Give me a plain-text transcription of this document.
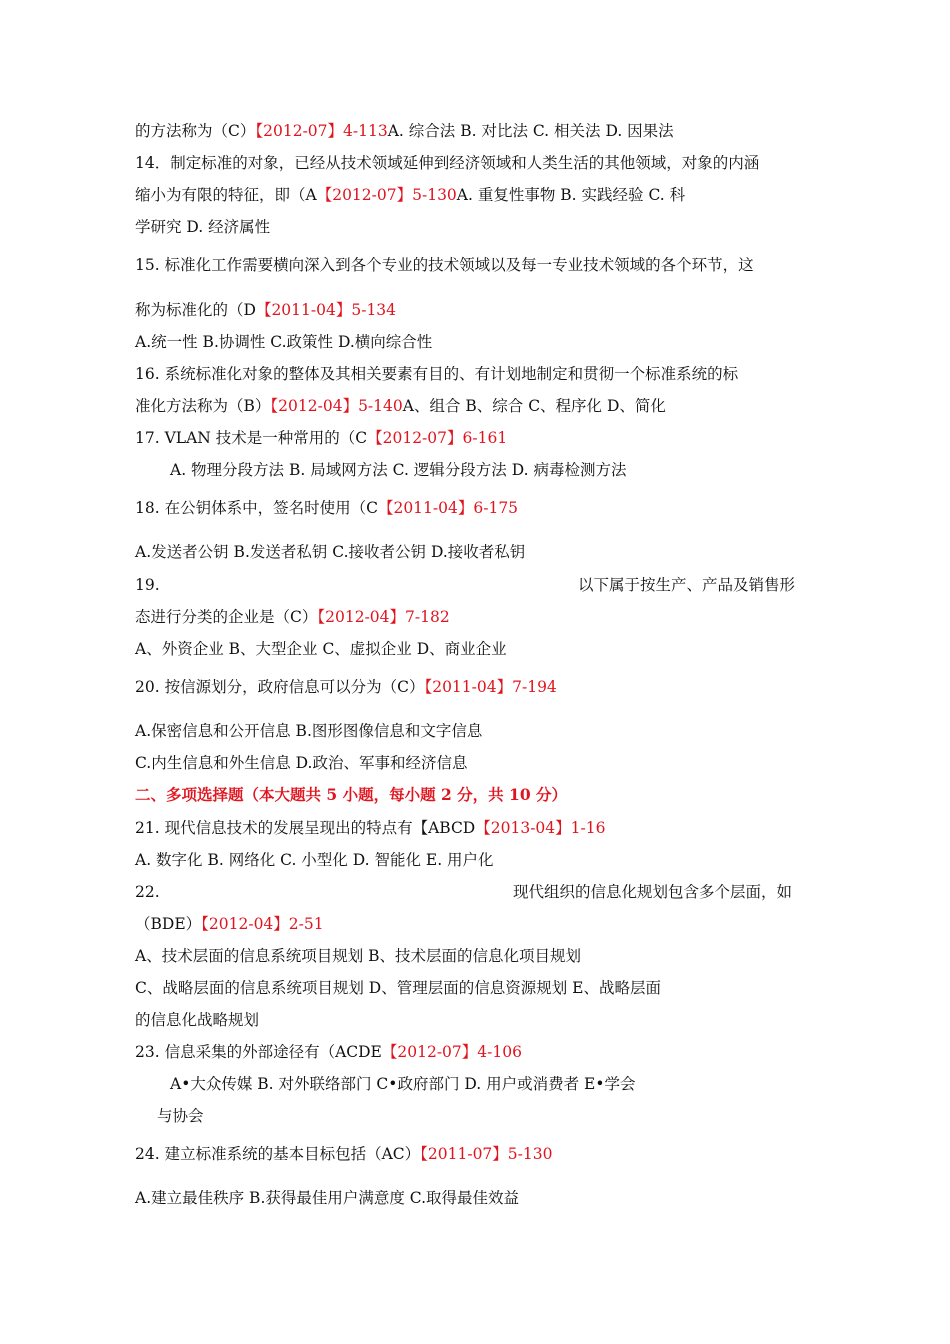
的方法称为（C）【2012-07】4-113A. 综合法 B. 对比法 C. 相关法 D. 因果法
14．制定标准的对象，已经从技术领域延伸到经济领域和人类生活的其他领域，对象的内涵
缩小为有限的特征，即（A【2012-07】5-130A. 重复性事物 B. 实践经验 C. 科
学研究 D. 经济属性
15. 标准化工作需要横向深入到各个专业的技术领域以及每一专业技术领域的各个环节，这
称为标准化的（D【2011-04】5-134
A.统一性 B.协调性 C.政策性 D.横向综合性
16. 系统标准化对象的整体及其相关要素有目的、有计划地制定和贯彻一个标准系统的标
准化方法称为（B）【2012-04】5-140A、组合 B、综合 C、程序化 D、简化
17. VLAN 技术是一种常用的（C【2012-07】6-161
A. 物理分段方法 B. 局域网方法 C. 逻辑分段方法 D. 病毒检测方法
18. 在公钥体系中，签名时使用（C【2011-04】6-175
A.发送者公钥 B.发送者私钥 C.接收者公钥 D.接收者私钥
19.	以下属于按生产、产品及销售形
态进行分类的企业是（C）【2012-04】7-182
A、外资企业 B、大型企业 C、虚拟企业 D、商业企业
20. 按信源划分，政府信息可以分为（C）【2011-04】7-194
A.保密信息和公开信息 B.图形图像信息和文字信息
C.内生信息和外生信息 D.政治、军事和经济信息
二、多项选择题（本大题共 5 小题，每小题 2 分，共 10 分）
21. 现代信息技术的发展呈现出的特点有【ABCD【2013-04】1-16
A. 数字化 B. 网络化 C. 小型化 D. 智能化 E. 用户化
22.	现代组织的信息化规划包含多个层面，如
（BDE）【2012-04】2-51
A、技术层面的信息系统项目规划 B、技术层面的信息化项目规划
C、战略层面的信息系统项目规划 D、管理层面的信息资源规划 E、战略层面
的信息化战略规划
23. 信息采集的外部途径有（ACDE【2012-07】4-106
A•大众传媒 B. 对外联络部门 C•政府部门 D. 用户或消费者 E•学会
与协会
24. 建立标准系统的基本目标包括（AC）【2011-07】5-130
A.建立最佳秩序 B.获得最佳用户满意度 C.取得最佳效益
